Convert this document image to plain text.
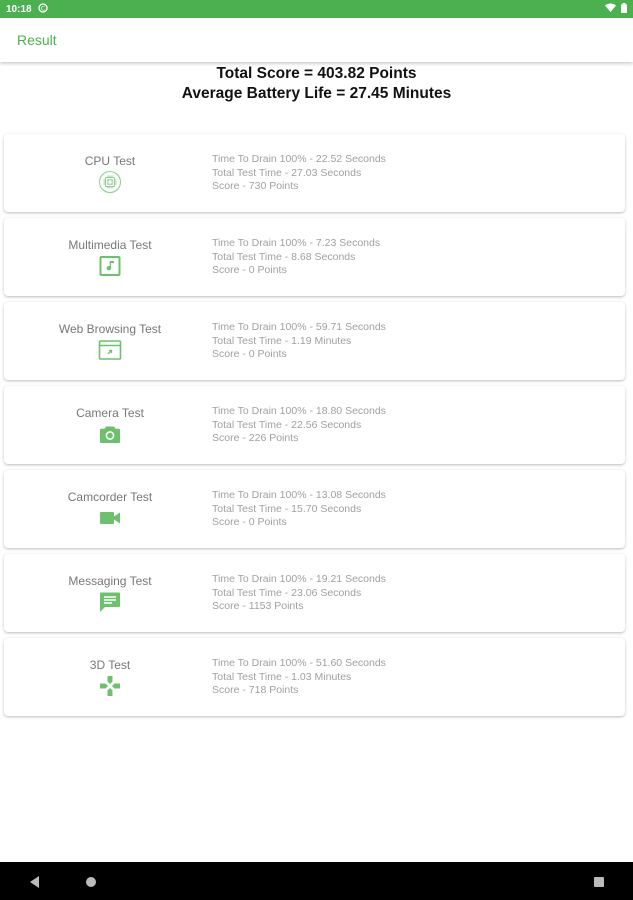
10:18 C
Result
Total Score = 403.82 Points
Average Battery Life = 27.45 Minutes
CPU Test	Time To Drain 100% - 22.52 Seconds
Total Test Time - 27.03 Seconds
Score - 730 Points
Multimedia Test	Time To Drain 100% - 7.23 Seconds
Total Test Time - 8.68 Seconds
Score - 0 Points
Web Browsing Test	Time To Drain 100% - 59.71 Seconds
Total Test Time - 1.19 Minutes
Score - 0 Points
Camera Test	Time To Drain 100% - 18.80 Seconds
Total Test Time - 22.56 Seconds
Score - 226 Points
Camcorder Test	Time To Drain 100% - 13.08 Seconds
Total Test Time - 15.70 Seconds
Score - 0 Points
Messaging Test	Time To Drain 100% - 19.21 Seconds
Total Test Time - 23.06 Seconds
Score - 1153 Points
3D Test	Time To Drain 100% - 51.60 Seconds
Total Test Time - 1.03 Minutes
Score - 718 Points
